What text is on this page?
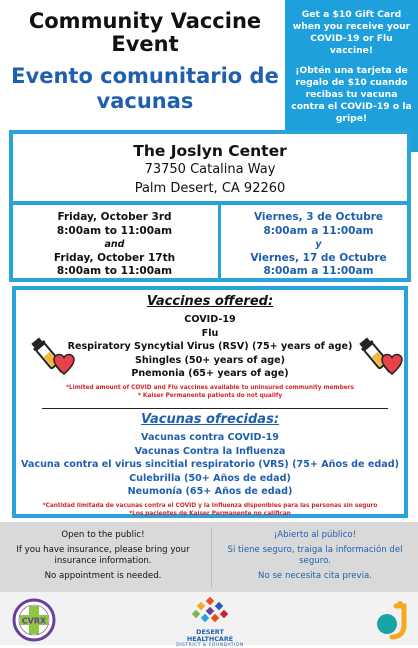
Community Vaccine Event
Evento comunitario de vacunas

Get a $10 Gift Card when you receive your COVID-19 or Flu vaccine!

¡Obtén una tarjeta de regalo de $10 cuando recibas tu vacuna contra el COVID-19 o la gripe!

The Joslyn Center
73750 Catalina Way
Palm Desert, CA 92260
Friday, October 3rd
8:00am to 11:00am
and
Friday, October 17th
8:00am to 11:00am
Viernes, 3 de Octubre
8:00am a 11:00am
y
Viernes, 17 de Octubre
8:00am a 11:00am
Vaccines offered:
COVID-19
Flu
Respiratory Syncytial Virus (RSV) (75+ years of age)
Shingles (50+ years of age)
Pnemonia (65+ years of age)
*Limited amount of COVID and Flu vaccines available to uninsured community members
* Kaiser Permanente patients do not qualify
Vacunas ofrecidas:
Vacunas contra COVID-19
Vacunas Contra la Influenza
Vacuna contra el virus sincitial respiratorio (VRS) (75+ Años de edad)
Culebrilla (50+ Años de edad)
Neumonía (65+ Años de edad)
*Cantidad limitada de vacunas contra el COVID y la Influenza disponibles para las personas sin seguro
*Los pacientes de Kaiser Permanente no califican

Open to the public!

If you have insurance, please bring your insurance information.

No appointment is needed.

¡Abierto al público!

Si tiene seguro, traiga la información del seguro.

No se necesita cita previa.

CVRX
DESERT HEALTHCARE
DISTRICT & FOUNDATION
